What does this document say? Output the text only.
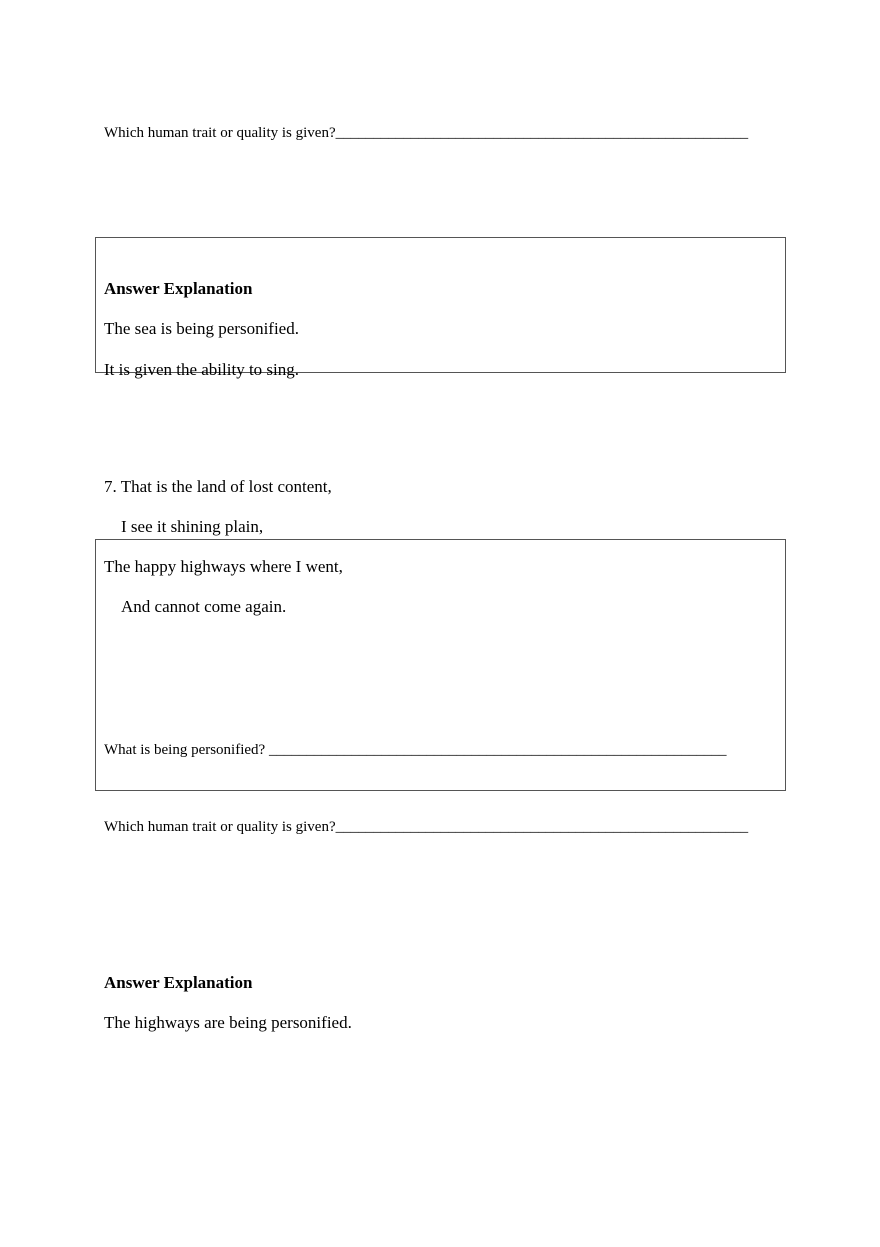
Which human trait or quality is given?_______________________________________________________
Answer Explanation
The sea is being personified.
It is given the ability to sing.
7. That is the land of lost content,
I see it shining plain,
The happy highways where I went,
And cannot come again.
What is being personified? _____________________________________________________________
Which human trait or quality is given?_______________________________________________________
Answer Explanation
The highways are being personified.
